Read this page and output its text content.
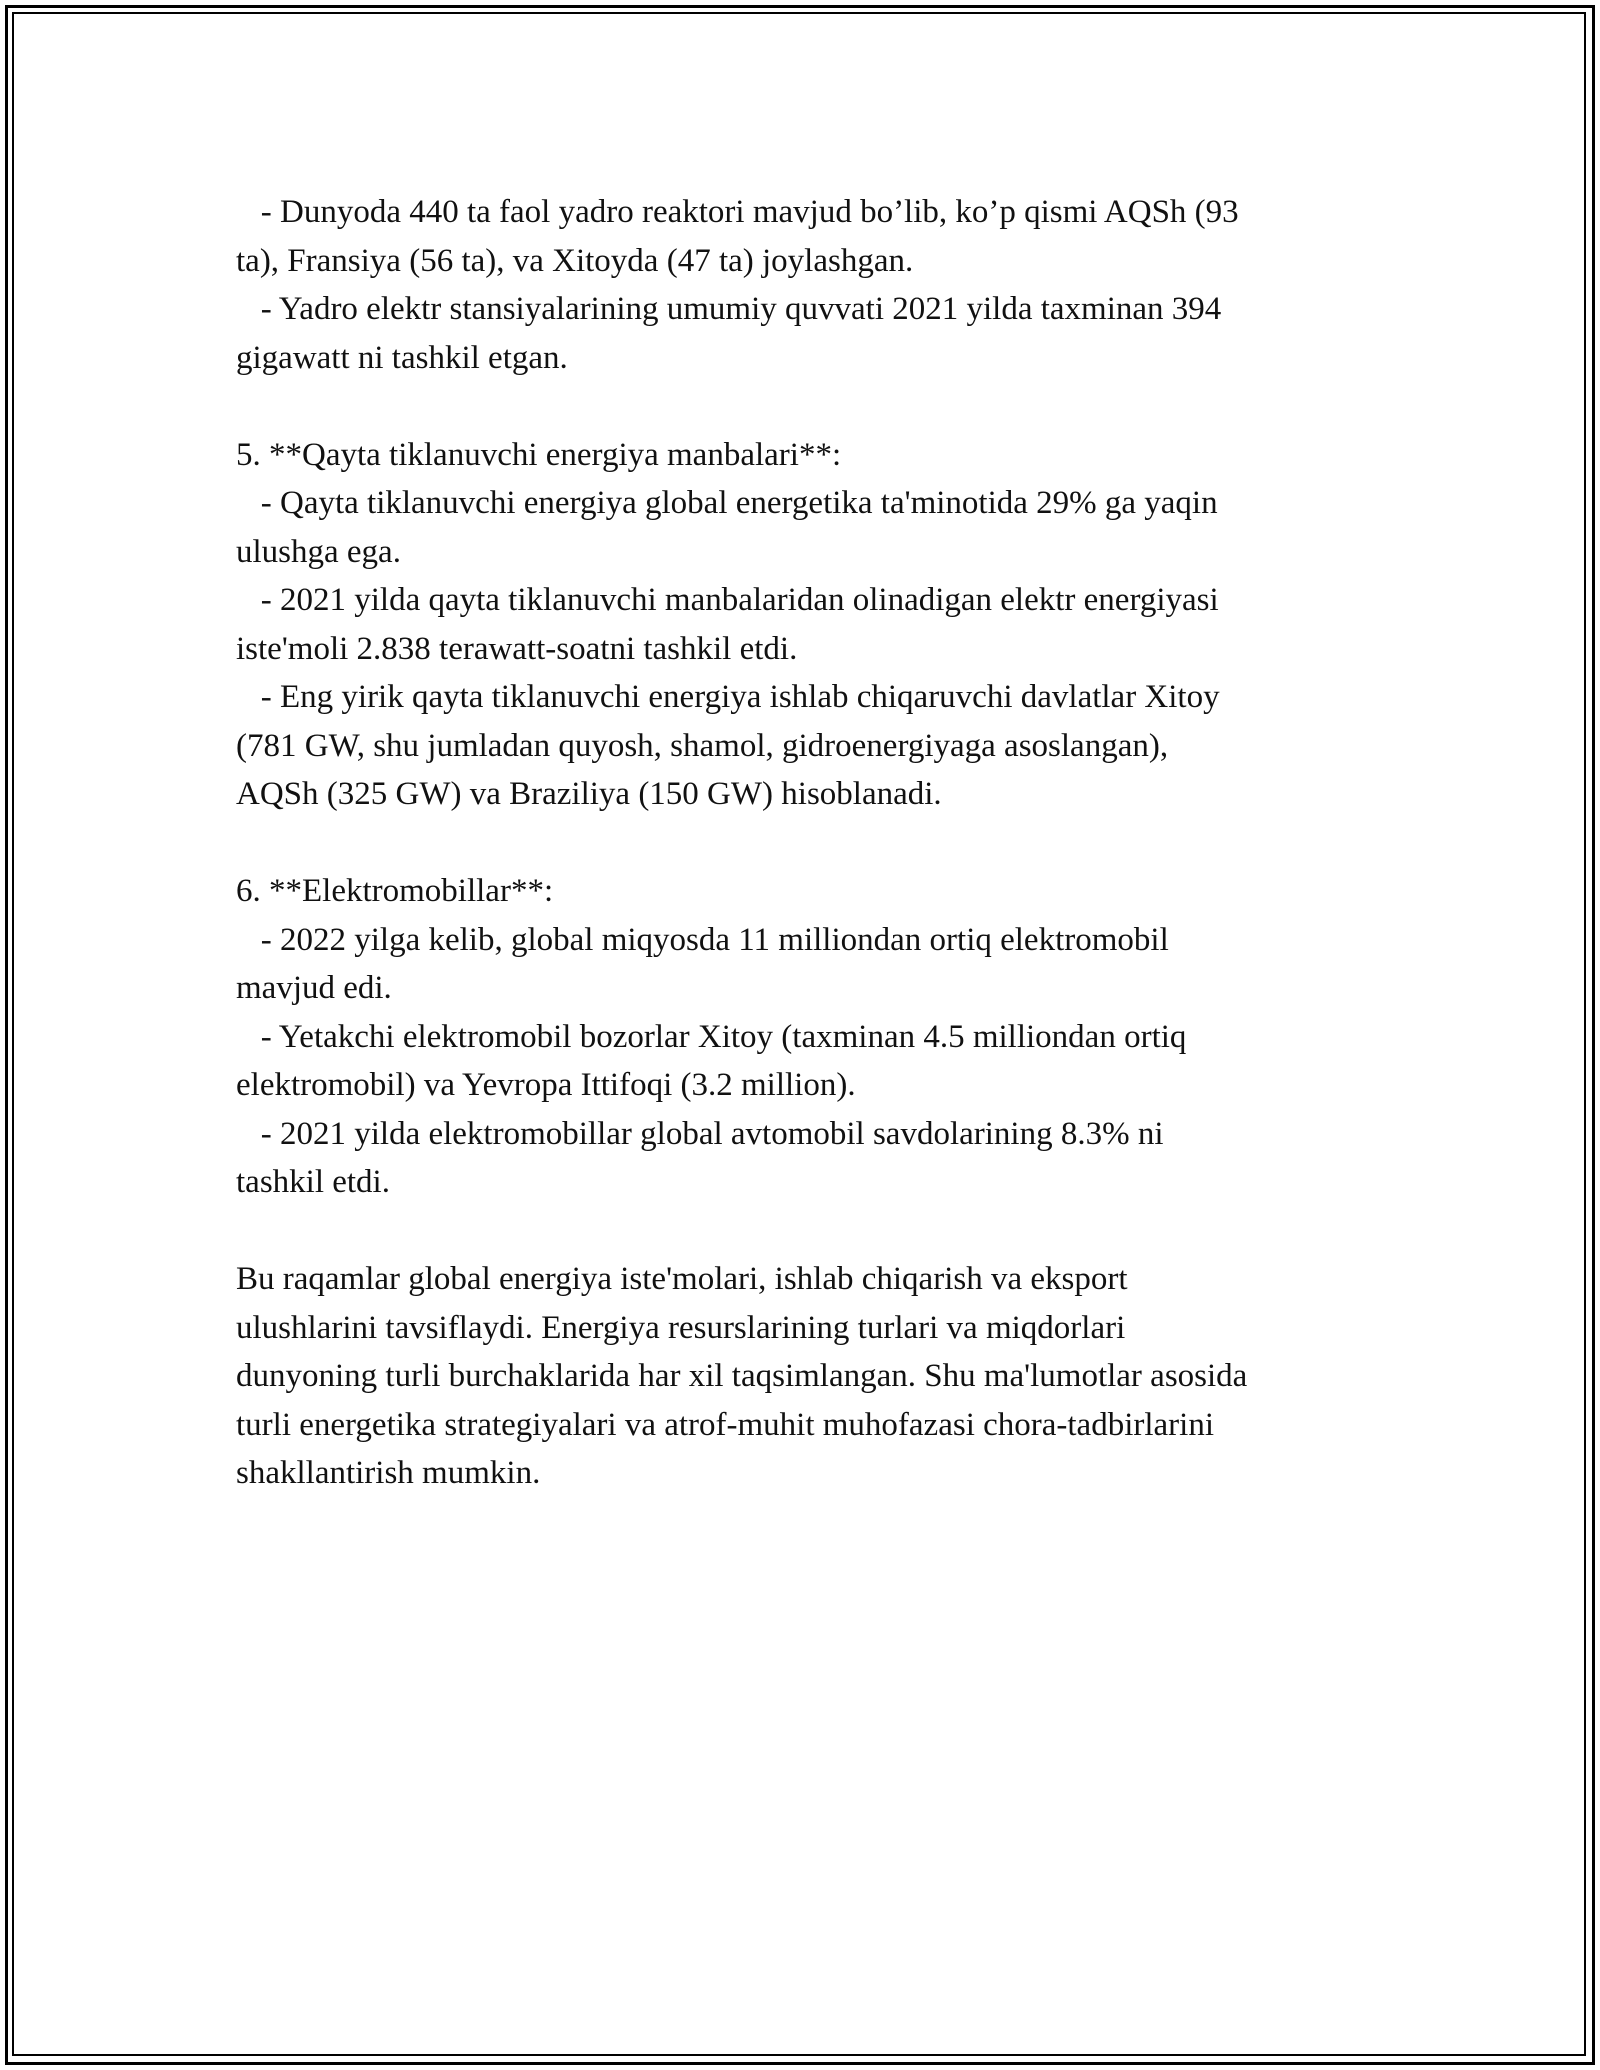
- Dunyoda 440 ta faol yadro reaktori mavjud bo’lib, ko’p qismi AQSh (93
ta), Fransiya (56 ta), va Xitoyda (47 ta) joylashgan.
- Yadro elektr stansiyalarining umumiy quvvati 2021 yilda taxminan 394
gigawatt ni tashkil etgan.
5. **Qayta tiklanuvchi energiya manbalari**:
- Qayta tiklanuvchi energiya global energetika ta'minotida 29% ga yaqin
ulushga ega.
- 2021 yilda qayta tiklanuvchi manbalaridan olinadigan elektr energiyasi
iste'moli 2.838 terawatt-soatni tashkil etdi.
- Eng yirik qayta tiklanuvchi energiya ishlab chiqaruvchi davlatlar Xitoy
(781 GW, shu jumladan quyosh, shamol, gidroenergiyaga asoslangan),
AQSh (325 GW) va Braziliya (150 GW) hisoblanadi.
6. **Elektromobillar**:
- 2022 yilga kelib, global miqyosda 11 milliondan ortiq elektromobil
mavjud edi.
- Yetakchi elektromobil bozorlar Xitoy (taxminan 4.5 milliondan ortiq
elektromobil) va Yevropa Ittifoqi (3.2 million).
- 2021 yilda elektromobillar global avtomobil savdolarining 8.3% ni
tashkil etdi.
Bu raqamlar global energiya iste'molari, ishlab chiqarish va eksport
ulushlarini tavsiflaydi. Energiya resurslarining turlari va miqdorlari
dunyoning turli burchaklarida har xil taqsimlangan. Shu ma'lumotlar asosida
turli energetika strategiyalari va atrof-muhit muhofazasi chora-tadbirlarini
shakllantirish mumkin.
